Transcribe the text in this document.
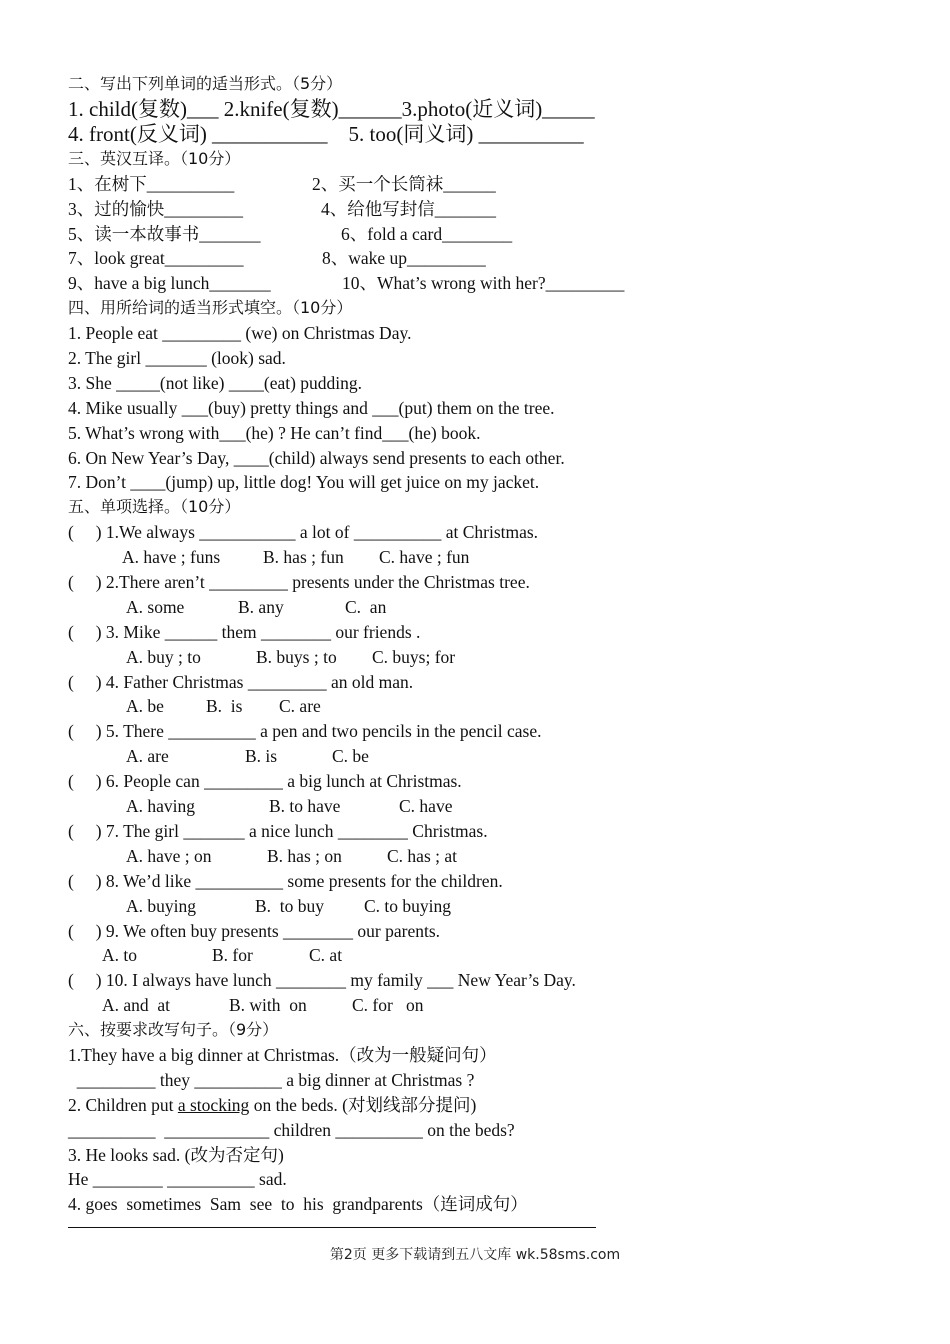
二、写出下列单词的适当形式。（5分）
1. child(复数)___ 2.knife(复数)______3.photo(近义词)_____
4. front(反义词) ___________    5. too(同义词) __________
三、英汉互译。（10分）
1、在树下__________	2、买一个长筒袜______
3、过的愉快_________	4、给他写封信_______
5、读一本故事书_______	6、fold a card________
7、look great_________	8、wake up_________
9、have a big lunch_______	10、What’s wrong with her?_________
四、用所给词的适当形式填空。（10分）
1. People eat _________ (we) on Christmas Day.
2. The girl _______ (look) sad.
3. She _____(not like) ____(eat) pudding.
4. Mike usually ___(buy) pretty things and ___(put) them on the tree.
5. What’s wrong with___(he) ? He can’t find___(he) book.
6. On New Year’s Day, ____(child) always send presents to each other.
7. Don’t ____(jump) up, little dog! You will get juice on my jacket.
五、单项选择。（10分）
(     ) 1.We always ___________ a lot of __________ at Christmas.
A. have ; funs B. has ; fun C. have ; fun
(     ) 2.There aren’t _________ presents under the Christmas tree.
A. some	B. any	C.  an
(     ) 3. Mike ______ them ________ our friends .
A. buy ; to	B. buys ; to C. buys; for
(     ) 4. Father Christmas _________ an old man.
A. be B.  is C. are
(     ) 5. There __________ a pen and two pencils in the pencil case.
A. are	B. is	C. be
(     ) 6. People can _________ a big lunch at Christmas.
A. having	B. to have	C. have
(     ) 7. The girl _______ a nice lunch ________ Christmas.
A. have ; on	B. has ; on	C. has ; at
(     ) 8. We’d like __________ some presents for the children.
A. buying	B.  to buy C. to buying
(     ) 9. We often buy presents ________ our parents.
A. to	B. for	C. at
(     ) 10. I always have lunch ________ my family ___ New Year’s Day.
A. and  at	B. with  on	C. for   on
六、按要求改写句子。（9分）
1.They have a big dinner at Christmas.（改为一般疑问句）
_________ they __________ a big dinner at Christmas ?
2. Children put a stocking on the beds. (对划线部分提问)
__________  ____________ children __________ on the beds?
3. He looks sad. (改为否定句)
He ________ __________ sad.
4. goes  sometimes  Sam  see  to  his  grandparents（连词成句）
第2页 更多下载请到五八文库 wk.58sms.com
